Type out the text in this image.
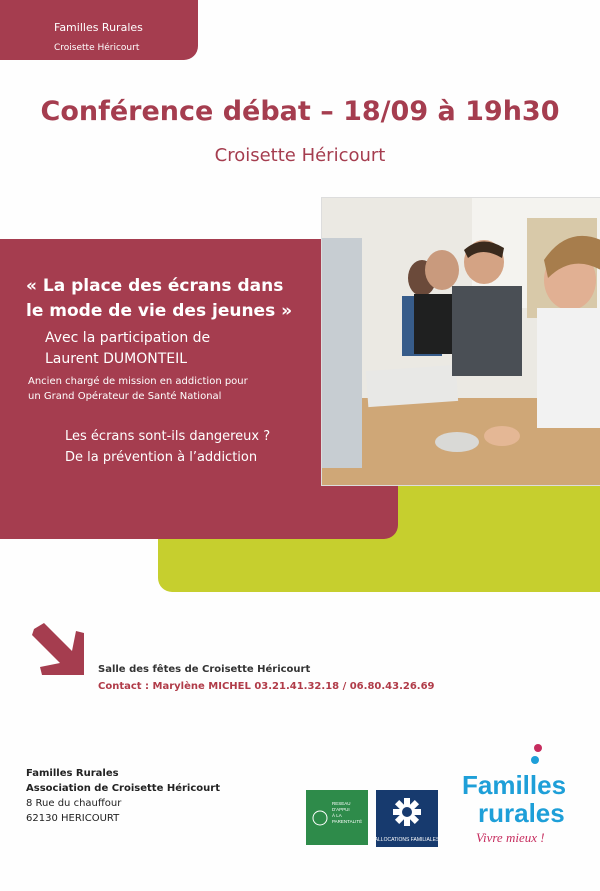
Familles Rurales
Croisette Héricourt
Conférence débat – 18/09 à 19h30
Croisette Héricourt
« La place des écrans dans
le mode de vie des jeunes »
Avec la participation de
Laurent DUMONTEIL
Ancien chargé de mission en addiction pour
un Grand Opérateur de Santé National
Les écrans sont-ils dangereux ?
De la prévention à l’addiction
Salle des fêtes de Croisette Héricourt
Contact : Marylène MICHEL 03.21.41.32.18 / 06.80.43.26.69
Familles Rurales
Association de Croisette Héricourt
8 Rue du chauffour
62130 HERICOURT
RESEAU
D'APPUI
À LA
PARENTALITÉ
ALLOCATIONS FAMILIALES
Familles
rurales
Vivre mieux !
